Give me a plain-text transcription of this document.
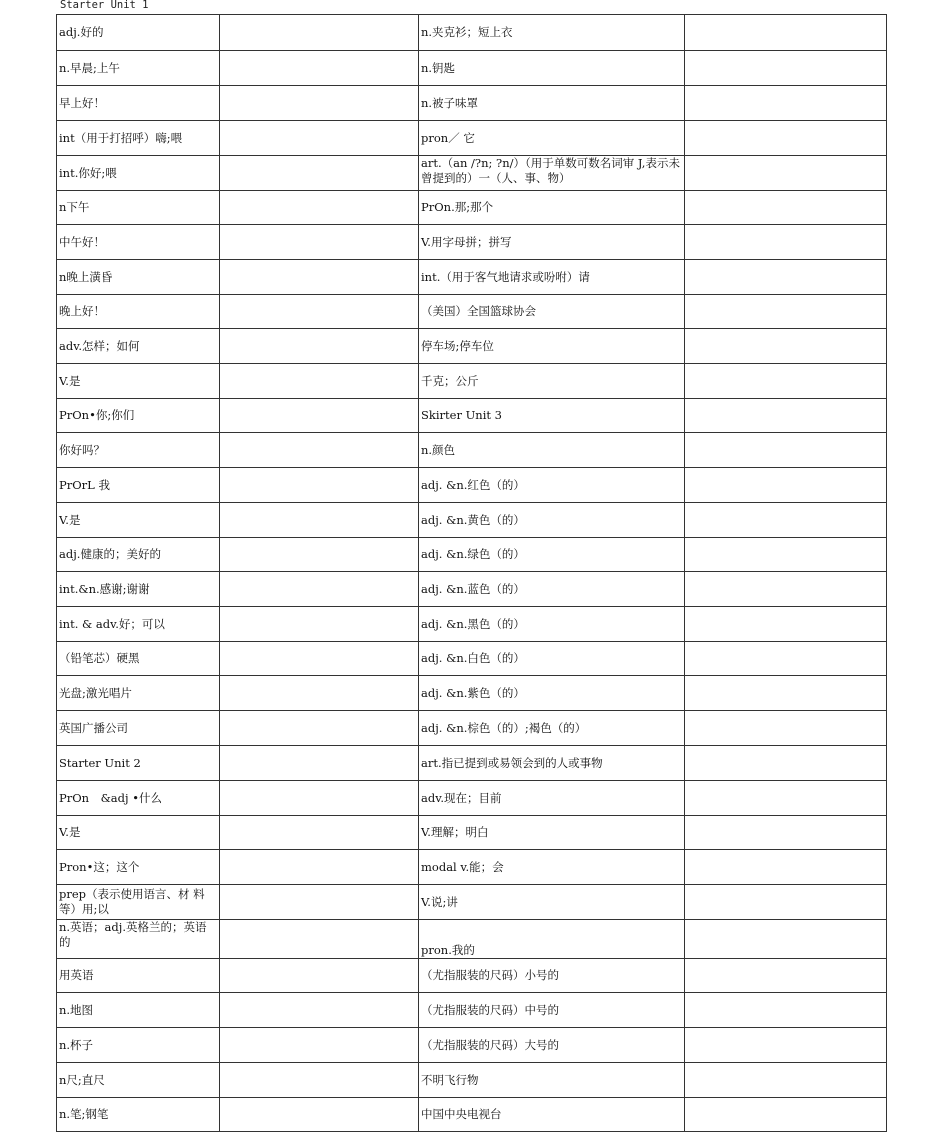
Starter Unit 1
adj.好的		n.夹克衫；短上衣	
n.早晨;上午		n.钥匙	
早上好！		n.被子味罩	
int（用于打招呼）嗨;喂		pron／ 它	
int.你好;喂		art.（an /?n; ?n/）（用于单数可数名词审 J,表示未曾提到的）一（人、事、物）	
n下午		PrOn.那;那个	
中午好！		V.用字母拼；拼写	
n晚上潢昏		int.（用于客气地请求或吩咐）请	
晚上好！		（美国）全国篮球协会	
adv.怎样；如何		停车场;停车位	
V.是		千克；公斤	
PrOn•你;你们		Skirter Unit 3	
你好吗？		n.颜色	
PrOrL 我		adj. &n.红色（的）	
V.是		adj. &n.黄色（的）	
adj.健康的；美好的		adj. &n.绿色（的）	
int.&n.感谢;谢谢		adj. &n.蓝色（的）	
int. & adv.好；可以		adj. &n.黑色（的）	
（铅笔芯）硬黑		adj. &n.白色（的）	
光盘;激光唱片		adj. &n.紫色（的）	
英国广播公司		adj. &n.棕色（的）;褐色（的）	
Starter Unit 2		art.指已提到或易领会到的人或事物	
PrOn　&adj •什么		adv.现在；目前	
V.是		V.理解；明白	
Pron•这；这个		modal v.能；会	
prep（表示使用语言、材 料等）用;以		V.说;讲	
n.英语；adj.英格兰的；英语的		pron.我的	
用英语		（尤指服装的尺码）小号的	
n.地图		（尤指服装的尺码）中号的	
n.杯子		（尤指服装的尺码）大号的	
n尺;直尺		不明飞行物	
n.笔;钢笔		中国中央电视台	
